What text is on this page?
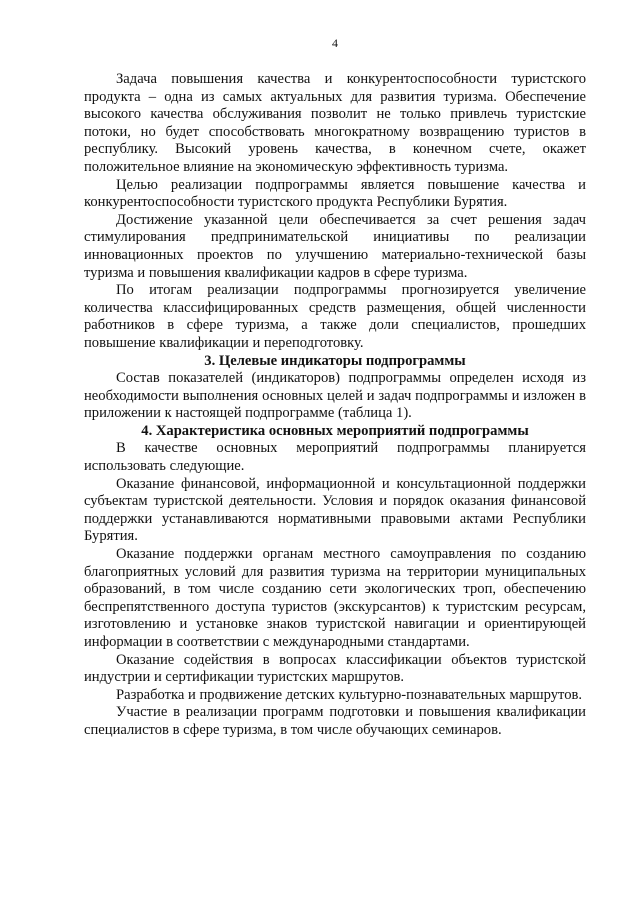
4

Задача повышения качества и конкурентоспособности туристского продукта – одна из самых актуальных для развития туризма. Обеспечение высокого качества обслуживания позволит не только привлечь туристские потоки, но будет способствовать многократному возвращению туристов в республику. Высокий уровень качества, в конечном счете, окажет положительное влияние на экономическую эффективность туризма.

Целью реализации подпрограммы является повышение качества и конкурентоспособности туристского продукта Республики Бурятия.

Достижение указанной цели обеспечивается за счет решения задач стимулирования предпринимательской инициативы по реализации инновационных проектов по улучшению материально-технической базы туризма и повышения квалификации кадров в сфере туризма.

По итогам реализации подпрограммы прогнозируется увеличение количества классифицированных средств размещения, общей численности работников в сфере туризма, а также доли специалистов, прошедших повышение квалификации и переподготовку.

3. Целевые индикаторы подпрограммы

Состав показателей (индикаторов) подпрограммы определен исходя из необходимости выполнения основных целей и задач подпрограммы и изложен в приложении к настоящей подпрограмме (таблица 1).

4. Характеристика основных мероприятий подпрограммы

В качестве основных мероприятий подпрограммы планируется использовать следующие.

Оказание финансовой, информационной и консультационной поддержки субъектам туристской деятельности. Условия и порядок оказания финансовой поддержки устанавливаются нормативными правовыми актами Республики Бурятия.

Оказание поддержки органам местного самоуправления по созданию благоприятных условий для развития туризма на территории муниципальных образований, в том числе созданию сети экологических троп, обеспечению беспрепятственного доступа туристов (экскурсантов) к туристским ресурсам, изготовлению и установке знаков туристской навигации и ориентирующей информации в соответствии с международными стандартами.

Оказание содействия в вопросах классификации объектов туристской индустрии и сертификации туристских маршрутов.

Разработка и продвижение детских культурно-познавательных маршрутов.

Участие в реализации программ подготовки и повышения квалификации специалистов в сфере туризма, в том числе обучающих семинаров.
